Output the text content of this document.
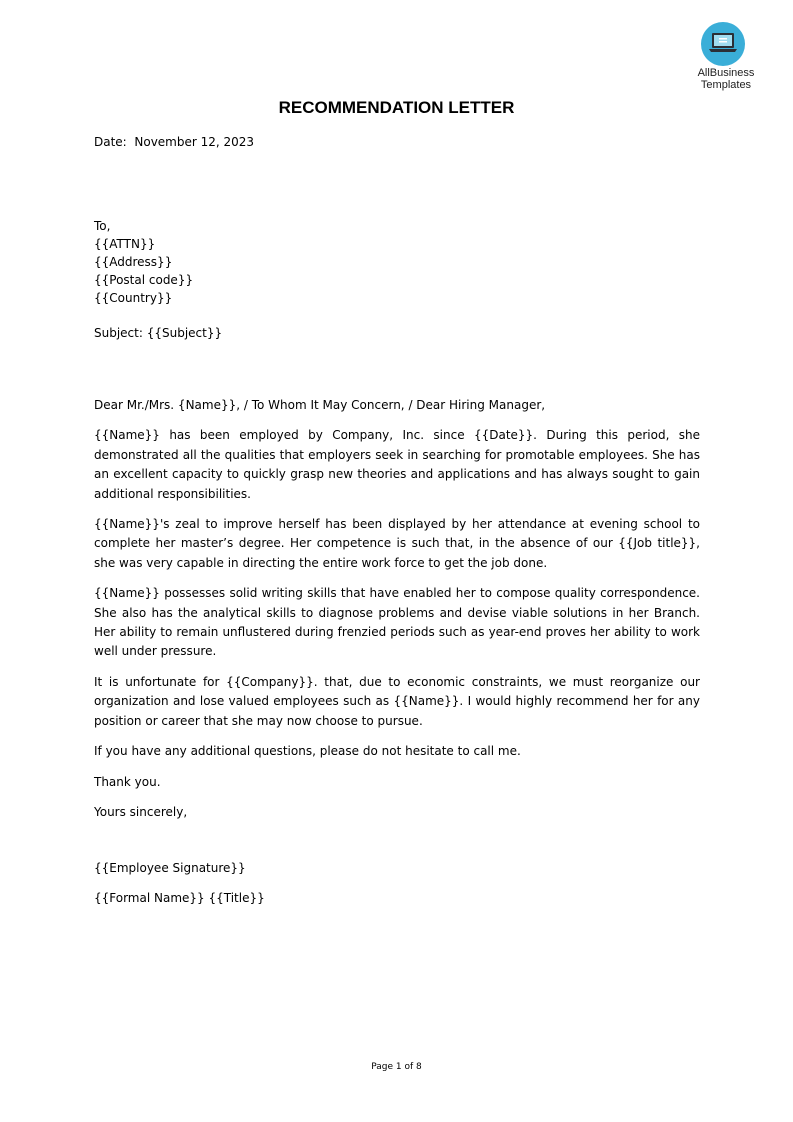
AllBusiness
Templates
RECOMMENDATION LETTER
Date: November 12, 2023
To,
{{ATTN}}
{{Address}}
{{Postal code}}
{{Country}}
Subject: {{Subject}}

Dear Mr./Mrs. {Name}}, / To Whom It May Concern, / Dear Hiring Manager,

{{Name}} has been employed by Company, Inc. since {{Date}}. During this period, she demonstrated all the qualities that employers seek in searching for promotable employees. She has an excellent capacity to quickly grasp new theories and applications and has always sought to gain additional responsibilities.

{{Name}}'s zeal to improve herself has been displayed by her attendance at evening school to complete her master’s degree. Her competence is such that, in the absence of our {{Job title}}, she was very capable in directing the entire work force to get the job done.

{{Name}} possesses solid writing skills that have enabled her to compose quality correspondence. She also has the analytical skills to diagnose problems and devise viable solutions in her Branch. Her ability to remain unflustered during frenzied periods such as year-end proves her ability to work well under pressure.

It is unfortunate for {{Company}}. that, due to economic constraints, we must reorganize our organization and lose valued employees such as {{Name}}. I would highly recommend her for any position or career that she may now choose to pursue.

If you have any additional questions, please do not hesitate to call me.

Thank you.

Yours sincerely,

{{Employee Signature}}
{{Formal Name}} {{Title}}
Page 1 of 8
